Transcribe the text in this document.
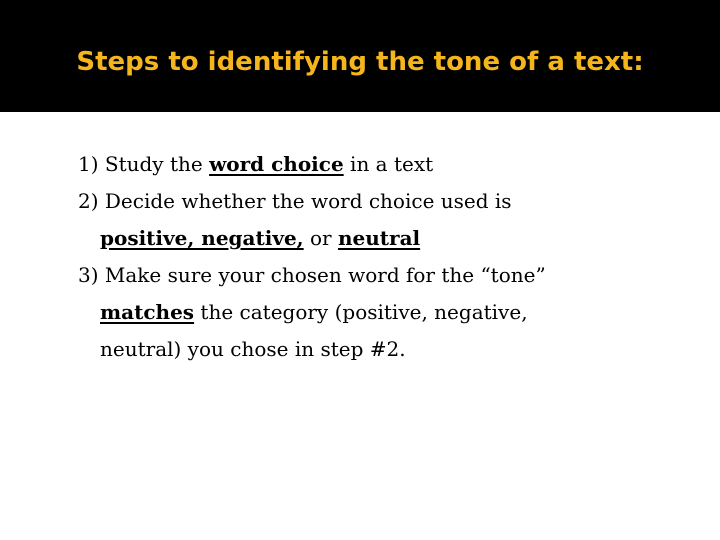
Steps to identifying the tone of a text:

1) Study the word choice in a text

2) Decide whether the word choice used is
positive, negative, or neutral

3) Make sure your chosen word for the “tone”
matches the category (positive, negative,
neutral) you chose in step #2.
